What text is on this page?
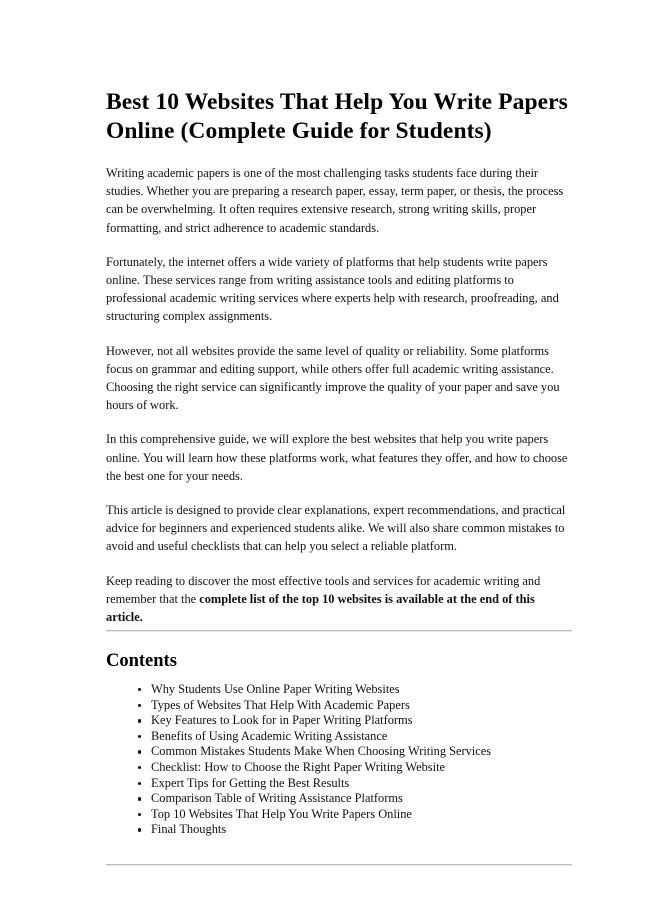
Best 10 Websites That Help You Write Papers Online (Complete Guide for Students)

Writing academic papers is one of the most challenging tasks students face during their studies. Whether you are preparing a research paper, essay, term paper, or thesis, the process can be overwhelming. It often requires extensive research, strong writing skills, proper formatting, and strict adherence to academic standards.

Fortunately, the internet offers a wide variety of platforms that help students write papers online. These services range from writing assistance tools and editing platforms to professional academic writing services where experts help with research, proofreading, and structuring complex assignments.

However, not all websites provide the same level of quality or reliability. Some platforms focus on grammar and editing support, while others offer full academic writing assistance. Choosing the right service can significantly improve the quality of your paper and save you hours of work.

In this comprehensive guide, we will explore the best websites that help you write papers online. You will learn how these platforms work, what features they offer, and how to choose the best one for your needs.

This article is designed to provide clear explanations, expert recommendations, and practical advice for beginners and experienced students alike. We will also share common mistakes to avoid and useful checklists that can help you select a reliable platform.

Keep reading to discover the most effective tools and services for academic writing and remember that the complete list of the top 10 websites is available at the end of this article.

Contents
Why Students Use Online Paper Writing Websites
Types of Websites That Help With Academic Papers
Key Features to Look for in Paper Writing Platforms
Benefits of Using Academic Writing Assistance
Common Mistakes Students Make When Choosing Writing Services
Checklist: How to Choose the Right Paper Writing Website
Expert Tips for Getting the Best Results
Comparison Table of Writing Assistance Platforms
Top 10 Websites That Help You Write Papers Online
Final Thoughts
